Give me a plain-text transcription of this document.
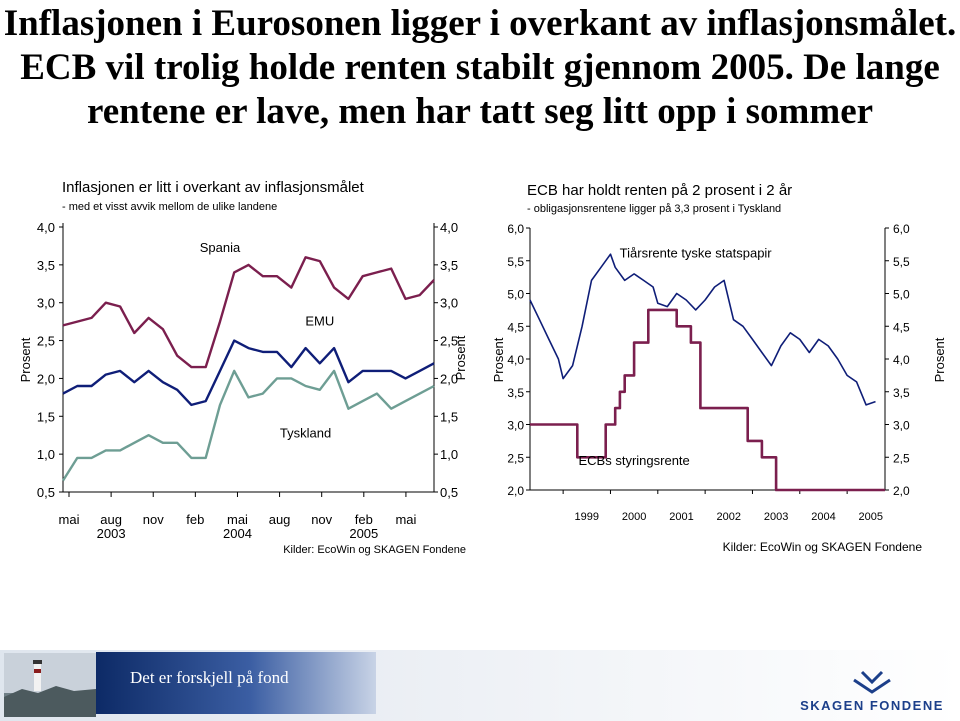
Inflasjonen i Eurosonen ligger i overkant av inflasjonsmålet.
ECB vil trolig holde renten stabilt gjennom 2005. De lange
rentene er lave, men har tatt seg litt opp i sommer
Inflasjonen er litt i overkant av inflasjonsmålet
- med et visst avvik mellom de ulike landene
4,0	4,0
3,5	3,5
3,0	3,0
2,5	2,5
2,0	2,0
1,5	1,5
1,0	1,0
0,5	0,5
Prosent	Prosent
mai aug nov feb mai aug nov feb mai
2003	2004	2005
Kilder: EcoWin og SKAGEN Fondene
Spania
EMU
Tyskland
ECB har holdt renten på 2 prosent i 2 år
- obligasjonsrentene ligger på 3,3 prosent i Tyskland
6,0	6,0
5,5	5,5
5,0	5,0
4,5	4,5
4,0	4,0
3,5	3,5
3,0	3,0
2,5	2,5
2,0	2,0
Prosent	Prosent
1999 2000 2001 2002 2003 2004 2005
Kilder: EcoWin og SKAGEN Fondene
Tiårsrente tyske statspapir
ECBs styringsrente
Det er forskjell på fond
SKAGEN FONDENE
